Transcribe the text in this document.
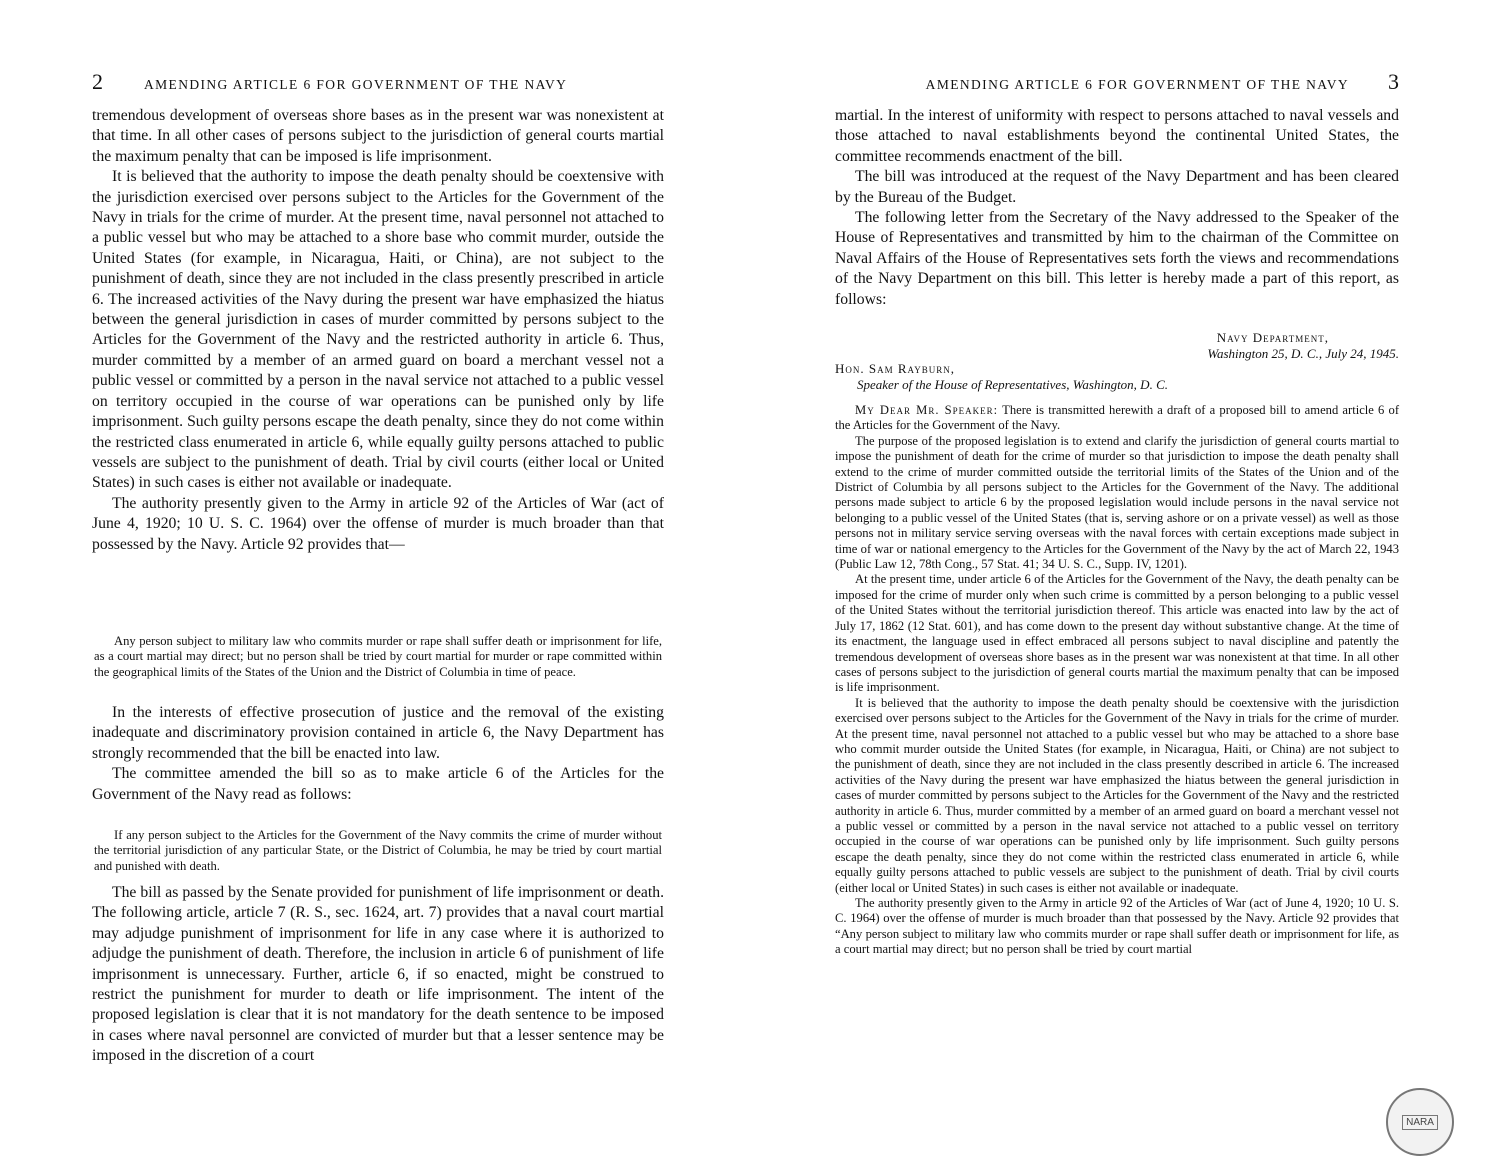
2	AMENDING ARTICLE 6 FOR GOVERNMENT OF THE NAVY

tremendous development of overseas shore bases as in the present war was nonexistent at that time. In all other cases of persons subject to the jurisdiction of general courts martial the maximum penalty that can be imposed is life imprisonment.

It is believed that the authority to impose the death penalty should be coextensive with the jurisdiction exercised over persons subject to the Articles for the Government of the Navy in trials for the crime of murder. At the present time, naval personnel not attached to a public vessel but who may be attached to a shore base who commit murder, outside the United States (for example, in Nicaragua, Haiti, or China), are not subject to the punishment of death, since they are not included in the class presently prescribed in article 6. The increased activities of the Navy during the present war have emphasized the hiatus between the general jurisdiction in cases of murder committed by persons subject to the Articles for the Government of the Navy and the restricted authority in article 6. Thus, murder committed by a member of an armed guard on board a merchant vessel not a public vessel or committed by a person in the naval service not attached to a public vessel on territory occupied in the course of war operations can be punished only by life imprisonment. Such guilty persons escape the death penalty, since they do not come within the restricted class enumerated in article 6, while equally guilty persons attached to public vessels are subject to the punishment of death. Trial by civil courts (either local or United States) in such cases is either not available or inadequate.

The authority presently given to the Army in article 92 of the Articles of War (act of June 4, 1920; 10 U. S. C. 1964) over the offense of murder is much broader than that possessed by the Navy. Article 92 provides that—

Any person subject to military law who commits murder or rape shall suffer death or imprisonment for life, as a court martial may direct; but no person shall be tried by court martial for murder or rape committed within the geographical limits of the States of the Union and the District of Columbia in time of peace.

In the interests of effective prosecution of justice and the removal of the existing inadequate and discriminatory provision contained in article 6, the Navy Department has strongly recommended that the bill be enacted into law.

The committee amended the bill so as to make article 6 of the Articles for the Government of the Navy read as follows:

If any person subject to the Articles for the Government of the Navy commits the crime of murder without the territorial jurisdiction of any particular State, or the District of Columbia, he may be tried by court martial and punished with death.

The bill as passed by the Senate provided for punishment of life imprisonment or death. The following article, article 7 (R. S., sec. 1624, art. 7) provides that a naval court martial may adjudge punishment of imprisonment for life in any case where it is authorized to adjudge the punishment of death. Therefore, the inclusion in article 6 of punishment of life imprisonment is unnecessary. Further, article 6, if so enacted, might be construed to restrict the punishment for murder to death or life imprisonment. The intent of the proposed legislation is clear that it is not mandatory for the death sentence to be imposed in cases where naval personnel are convicted of murder but that a lesser sentence may be imposed in the discretion of a court

AMENDING ARTICLE 6 FOR GOVERNMENT OF THE NAVY 3

martial. In the interest of uniformity with respect to persons attached to naval vessels and those attached to naval establishments beyond the continental United States, the committee recommends enactment of the bill.

The bill was introduced at the request of the Navy Department and has been cleared by the Bureau of the Budget.

The following letter from the Secretary of the Navy addressed to the Speaker of the House of Representatives and transmitted by him to the chairman of the Committee on Naval Affairs of the House of Representatives sets forth the views and recommendations of the Navy Department on this bill. This letter is hereby made a part of this report, as follows:

Navy Department,
Washington 25, D. C., July 24, 1945.
Hon. Sam Rayburn,
Speaker of the House of Representatives, Washington, D. C.

My Dear Mr. Speaker: There is transmitted herewith a draft of a proposed bill to amend article 6 of the Articles for the Government of the Navy.

The purpose of the proposed legislation is to extend and clarify the jurisdiction of general courts martial to impose the punishment of death for the crime of murder so that jurisdiction to impose the death penalty shall extend to the crime of murder committed outside the territorial limits of the States of the Union and of the District of Columbia by all persons subject to the Articles for the Government of the Navy. The additional persons made subject to article 6 by the proposed legislation would include persons in the naval service not belonging to a public vessel of the United States (that is, serving ashore or on a private vessel) as well as those persons not in military service serving overseas with the naval forces with certain exceptions made subject in time of war or national emergency to the Articles for the Government of the Navy by the act of March 22, 1943 (Public Law 12, 78th Cong., 57 Stat. 41; 34 U. S. C., Supp. IV, 1201).

At the present time, under article 6 of the Articles for the Government of the Navy, the death penalty can be imposed for the crime of murder only when such crime is committed by a person belonging to a public vessel of the United States without the territorial jurisdiction thereof. This article was enacted into law by the act of July 17, 1862 (12 Stat. 601), and has come down to the present day without substantive change. At the time of its enactment, the language used in effect embraced all persons subject to naval discipline and patently the tremendous development of overseas shore bases as in the present war was nonexistent at that time. In all other cases of persons subject to the jurisdiction of general courts martial the maximum penalty that can be imposed is life imprisonment.

It is believed that the authority to impose the death penalty should be coextensive with the jurisdiction exercised over persons subject to the Articles for the Government of the Navy in trials for the crime of murder. At the present time, naval personnel not attached to a public vessel but who may be attached to a shore base who commit murder outside the United States (for example, in Nicaragua, Haiti, or China) are not subject to the punishment of death, since they are not included in the class presently described in article 6. The increased activities of the Navy during the present war have emphasized the hiatus between the general jurisdiction in cases of murder committed by persons subject to the Articles for the Government of the Navy and the restricted authority in article 6. Thus, murder committed by a member of an armed guard on board a merchant vessel not a public vessel or committed by a person in the naval service not attached to a public vessel on territory occupied in the course of war operations can be punished only by life imprisonment. Such guilty persons escape the death penalty, since they do not come within the restricted class enumerated in article 6, while equally guilty persons attached to public vessels are subject to the punishment of death. Trial by civil courts (either local or United States) in such cases is either not available or inadequate.

The authority presently given to the Army in article 92 of the Articles of War (act of June 4, 1920; 10 U. S. C. 1964) over the offense of murder is much broader than that possessed by the Navy. Article 92 provides that “Any person subject to military law who commits murder or rape shall suffer death or imprisonment for life, as a court martial may direct; but no person shall be tried by court martial

NARA
